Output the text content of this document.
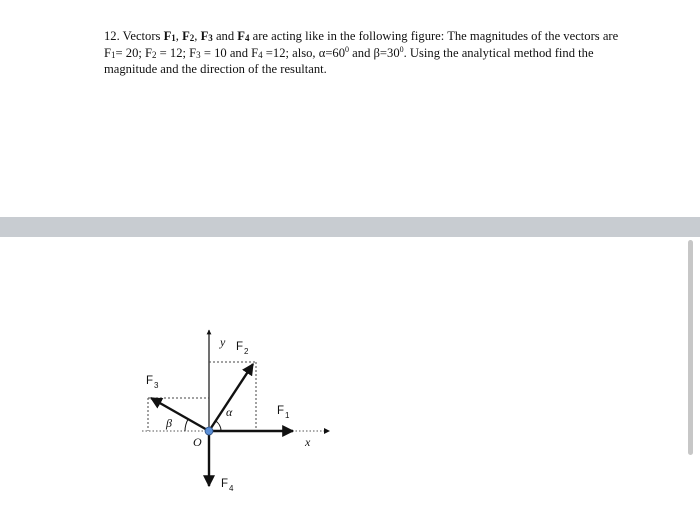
12. Vectors $F_1$, $F_2$, $F_3$ and $F_4$ are acting like in the following figure: The magnitudes of the vectors are $F_1= 20$; $F_2 = 12$; $F_3 = 10$ and $F_4 =12$; also, $\alpha=60^0$ and $\beta=30^0$. Using the analytical method find the magnitude and the direction of the resultant.
y
x
O
α
β
F 1
F 2
F 3
F 4
